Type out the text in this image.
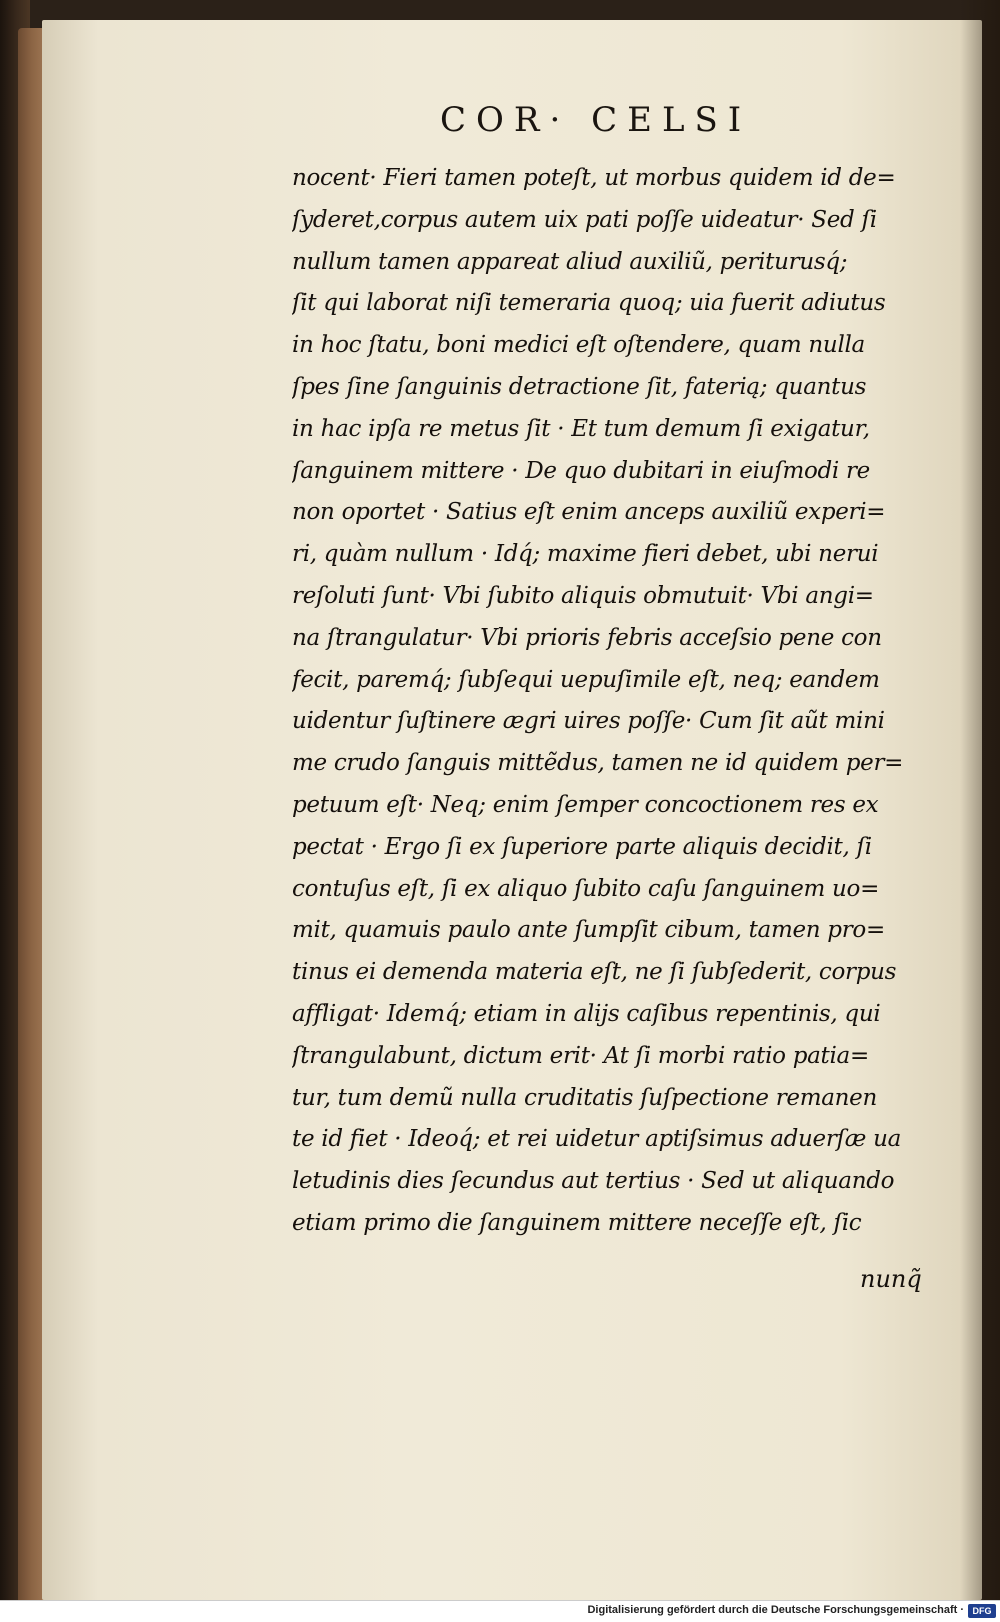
COR· CELSI
nocent· Fieri tamen poteſt, ut morbus quidem id de=
ſyderet,corpus autem uix pati poſſe uideatur· Sed ſi
nullum tamen appareat aliud auxiliũ, periturusq́;
ſit qui laborat niſi temeraria quoq; uia fuerit adiutus
in hoc ſtatu, boni medici eſt oſtendere, quam nulla
ſpes ſine ſanguinis detractione ſit, faterią; quantus
in hac ipſa re metus ſit · Et tum demum ſi exigatur,
ſanguinem mittere · De quo dubitari in eiuſmodi re
non oportet · Satius eſt enim anceps auxiliũ experi=
ri, quàm nullum · Idq́; maxime fieri debet, ubi nerui
reſoluti ſunt· Vbi ſubito aliquis obmutuit· Vbi angi=
na ſtrangulatur· Vbi prioris febris acceſsio pene con
fecit, paremq́; ſubſequi uериſimile eſt, neq; eandem
uidentur ſuſtinere ægri uires poſſe· Cum ſit aũt mini
me crudo ſanguis mittẽdus, tamen ne id quidem per=
petuum eſt· Neq; enim ſemper concoctionem res ex
pectat · Ergo ſi ex ſuperiore parte aliquis decidit, ſi
contuſus eſt, ſi ex aliquo ſubito caſu ſanguinem uo=
mit, quamuis paulo ante ſumpſit cibum, tamen pro=
tinus ei demenda materia eſt, ne ſi ſubſederit, corpus
affligat· Idemq́; etiam in alijs caſibus repentinis, qui
ſtrangulabunt, dictum erit· At ſi morbi ratio patia=
tur, tum demũ nulla cruditatis ſuſpectione remanen
te id fiet · Ideoq́; et rei uidetur aptiſsimus aduerſæ ua
letudinis dies ſecundus aut tertius · Sed ut aliquando
etiam primo die ſanguinem mittere neceſſe eſt, ſic
nunq̃
Digitalisierung gefördert durch die Deutsche Forschungsgemeinschaft · DFG
